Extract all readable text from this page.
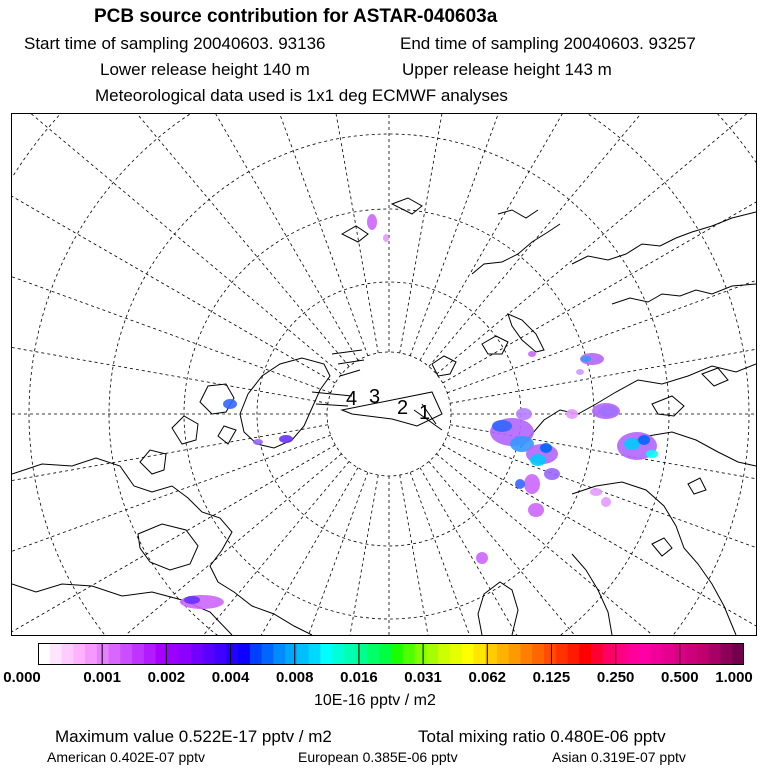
PCB source contribution for ASTAR-040603a
Start time of sampling 20040603. 93136	End time of sampling 20040603. 93257
Lower release height 140 m	Upper release height 143 m
Meteorological data used is 1x1 deg ECMWF analyses
4 3 2 1
0.000	0.001 0.002 0.004 0.008 0.016 0.031 0.062 0.125 0.250 0.500 1.000
10E-16 pptv / m2
Maximum value 0.522E-17 pptv / m2	Total mixing ratio 0.480E-06 pptv
American 0.402E-07 pptv	European 0.385E-06 pptv	Asian 0.319E-07 pptv
